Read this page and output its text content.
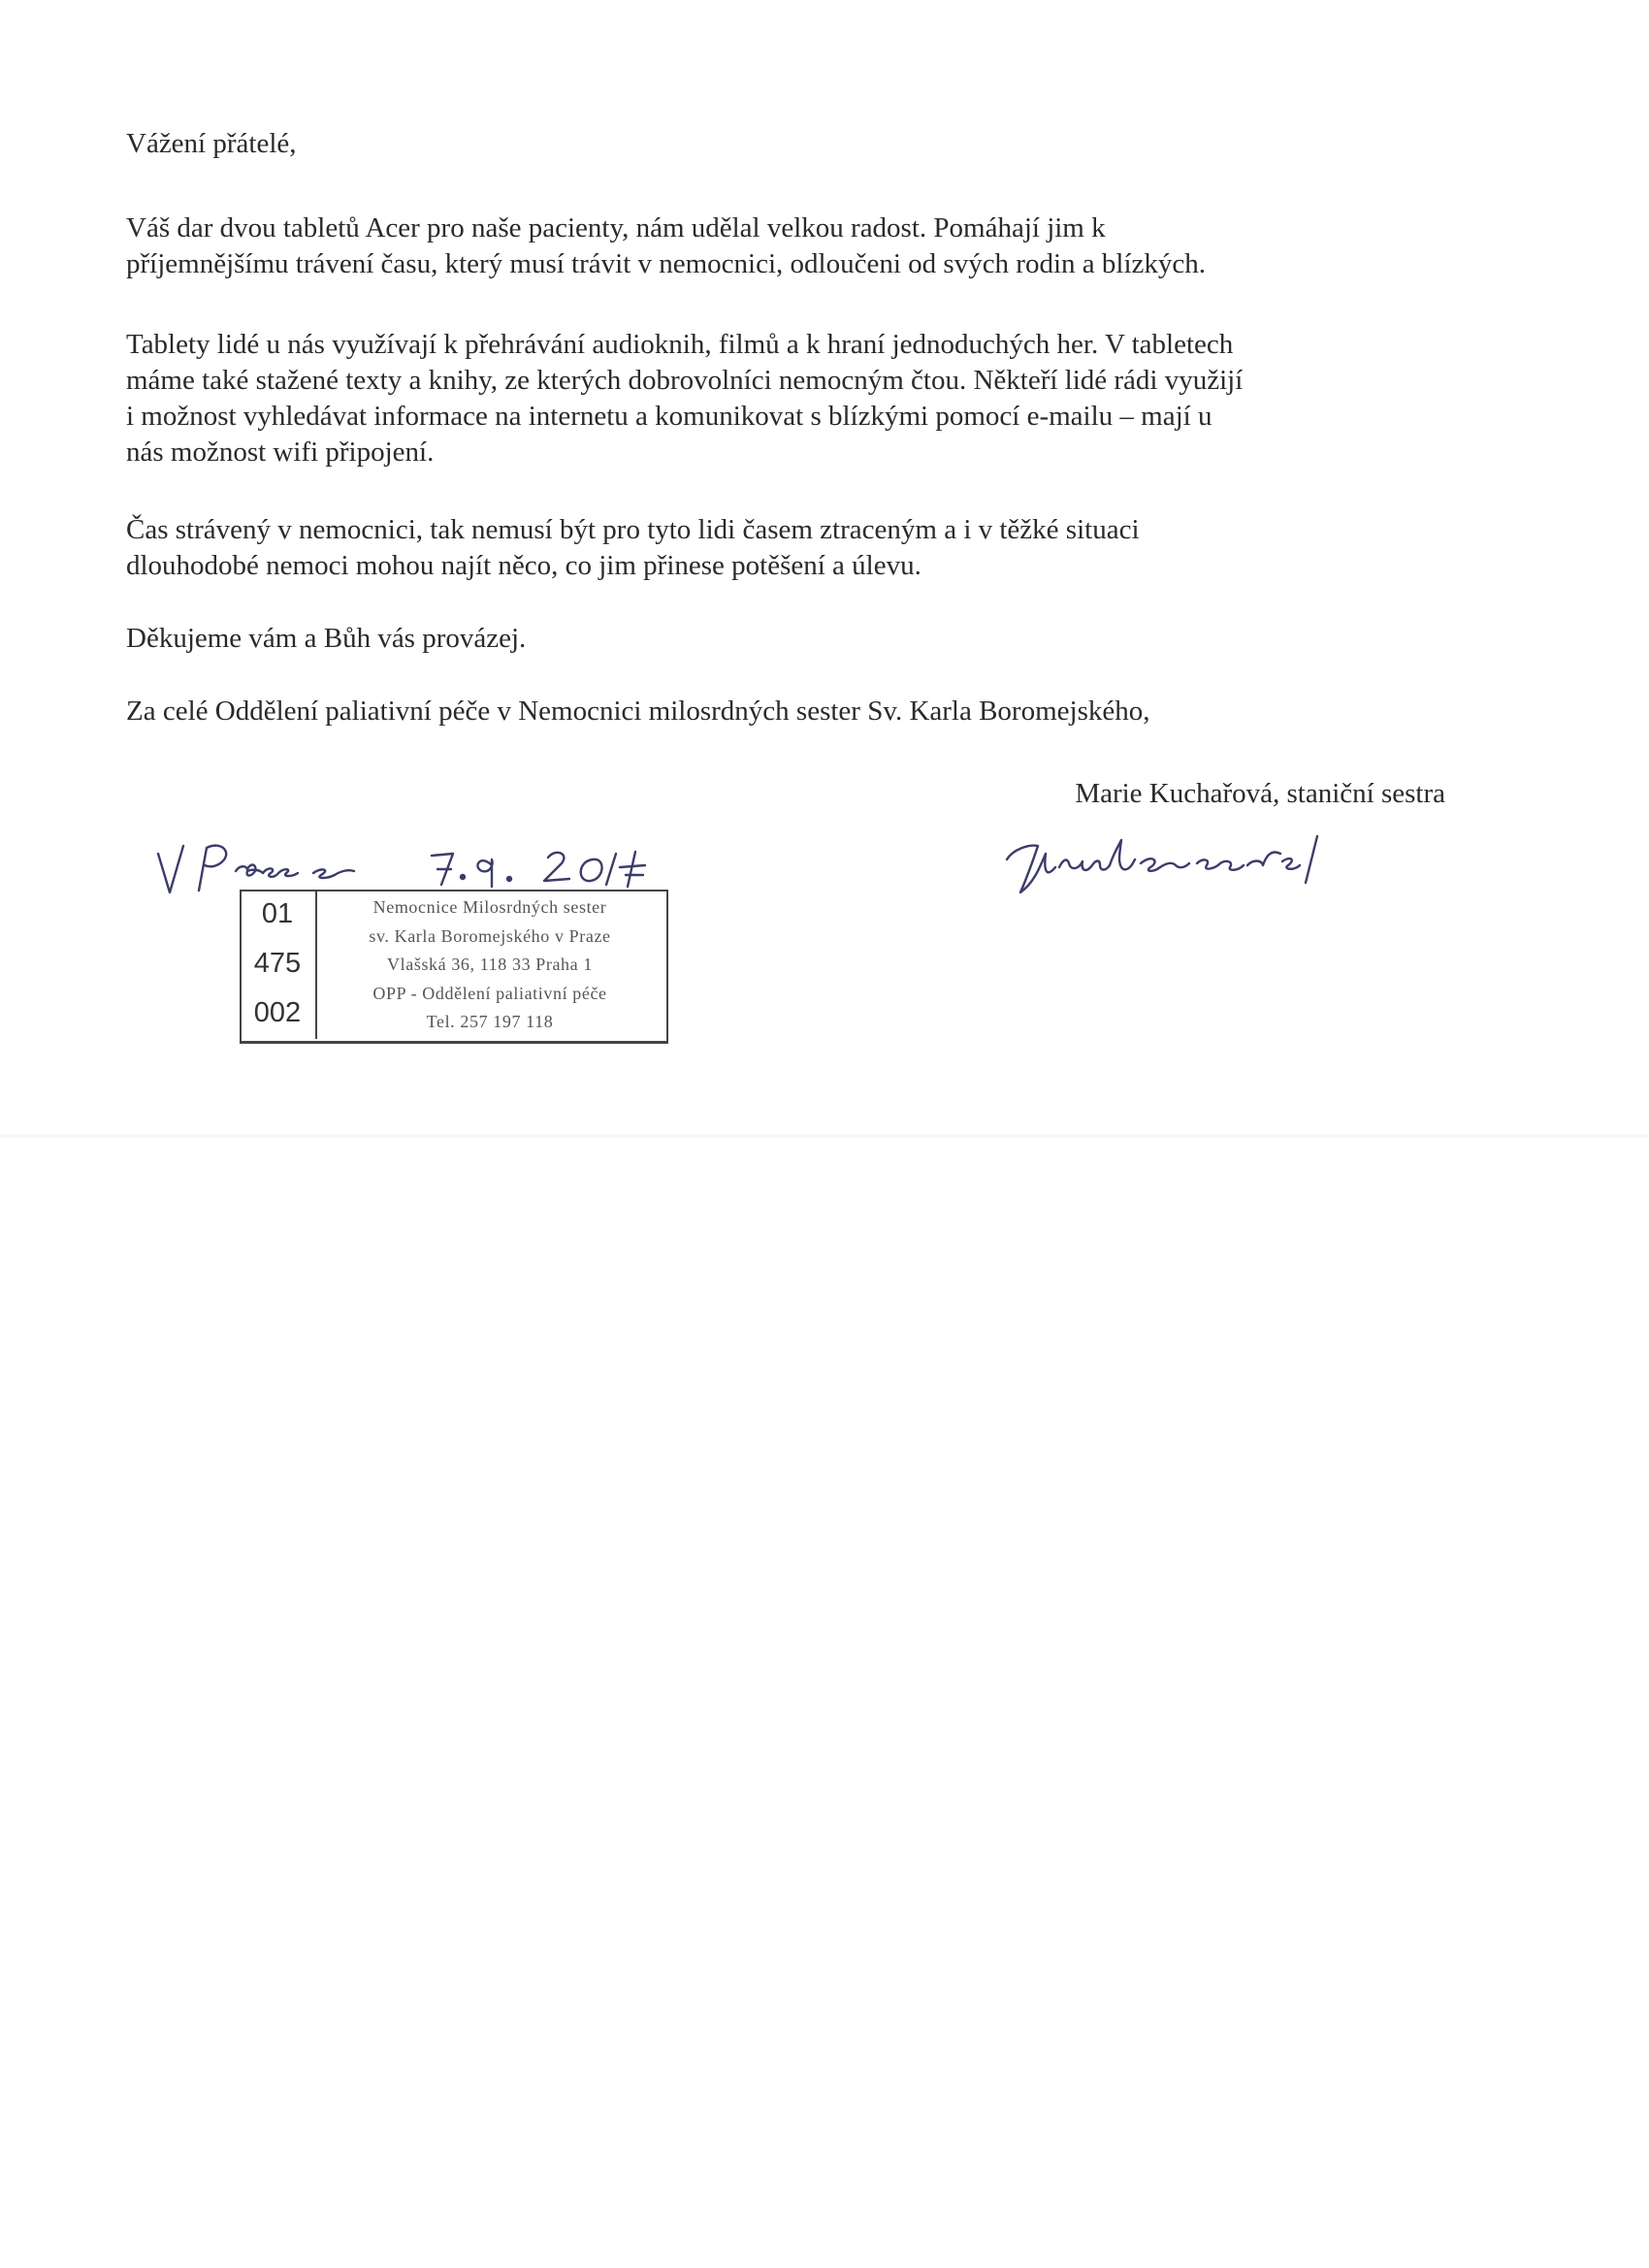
Vážení přátelé,

Váš dar dvou tabletů Acer pro naše pacienty, nám udělal velkou radost. Pomáhají jim k
příjemnějšímu trávení času, který musí trávit v nemocnici, odloučeni od svých rodin a blízkých.

Tablety lidé u nás využívají k přehrávání audioknih, filmů a k hraní jednoduchých her. V tabletech
máme také stažené texty a knihy, ze kterých dobrovolníci nemocným čtou. Někteří lidé rádi využijí
i možnost vyhledávat informace na internetu a komunikovat s blízkými pomocí e-mailu – mají u
nás možnost wifi připojení.

Čas strávený v nemocnici, tak nemusí být pro tyto lidi časem ztraceným a i v těžké situaci
dlouhodobé nemoci mohou najít něco, co jim přinese potěšení a úlevu.

Děkujeme vám a Bůh vás provázej.

Za celé Oddělení paliativní péče v Nemocnici milosrdných sester Sv. Karla Boromejského,

Marie Kuchařová, staniční sestra
01
475
002
Nemocnice Milosrdných sester
sv. Karla Boromejského v Praze
Vlašská 36, 118 33 Praha 1
OPP - Oddělení paliativní péče
Tel. 257 197 118
